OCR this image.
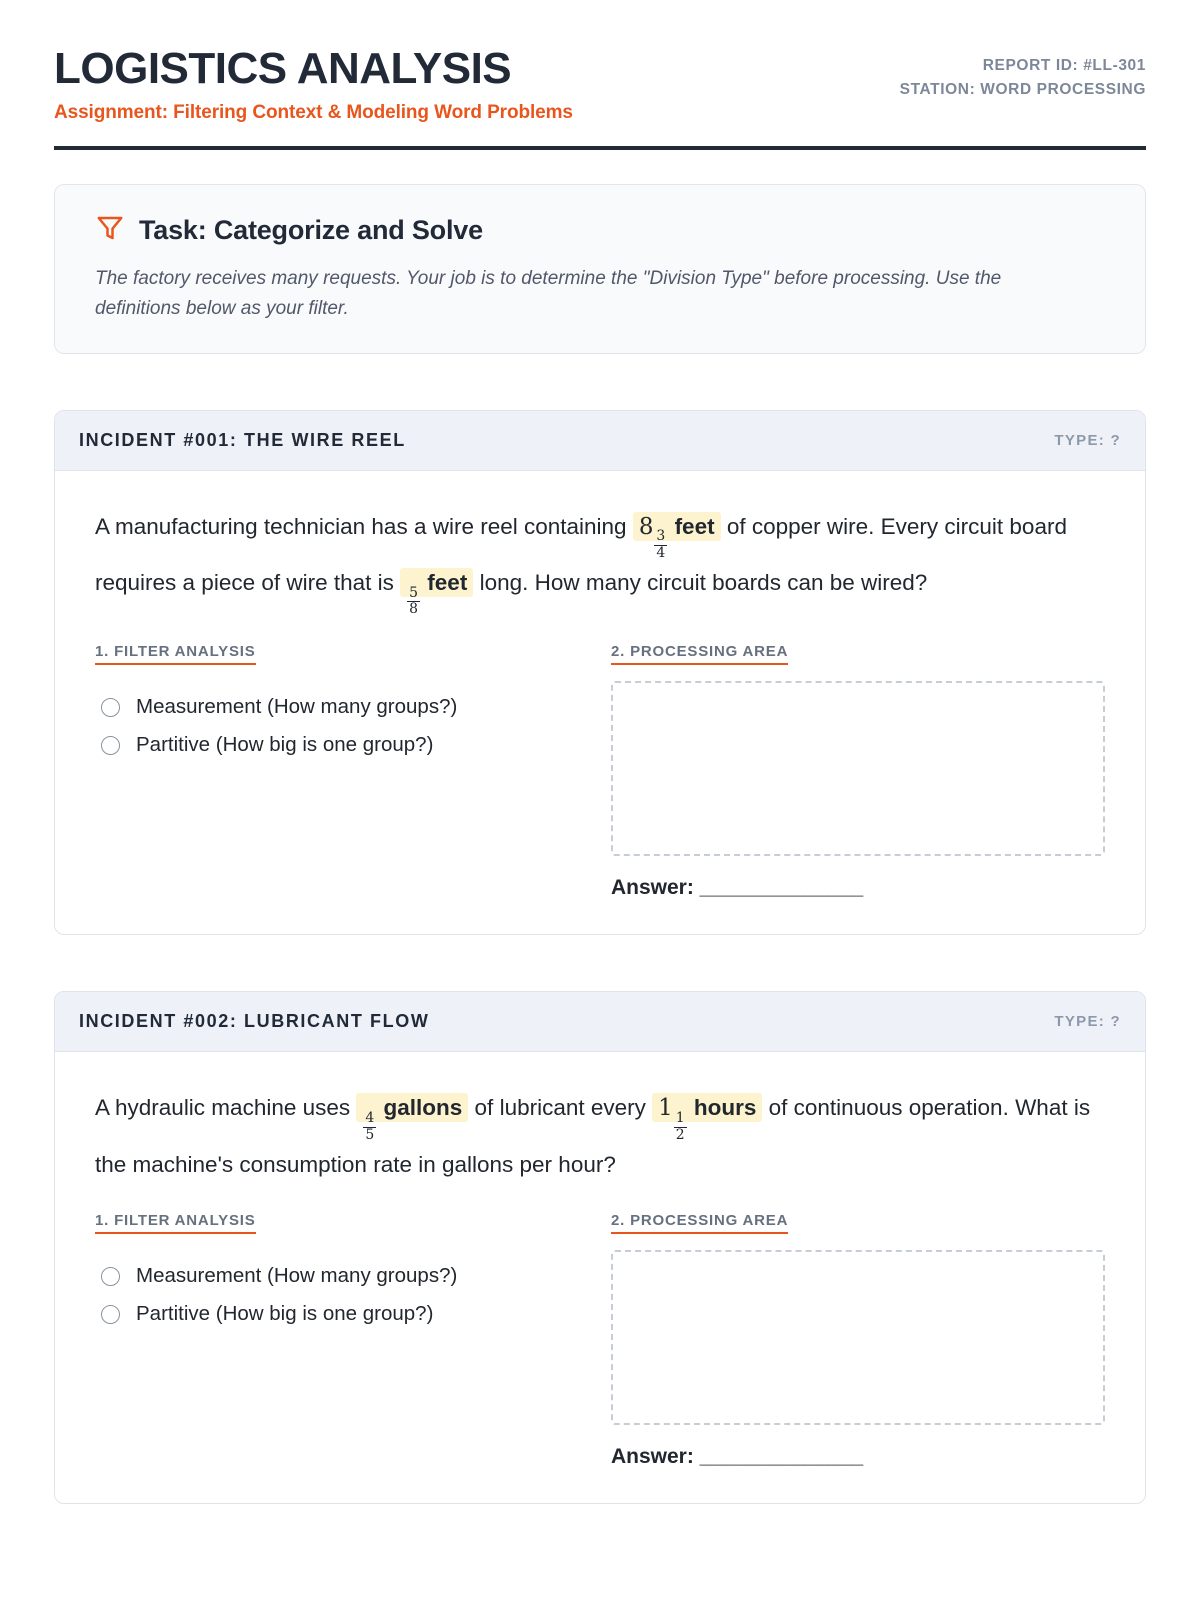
LOGISTICS ANALYSIS

Assignment: Filtering Context & Modeling Word Problems

REPORT ID: #LL-301
STATION: WORD PROCESSING
Task: Categorize and Solve
The factory receives many requests. Your job is to determine the "Division Type" before processing. Use the definitions below as your filter.
INCIDENT #001: THE WIRE REEL	TYPE: ?
A manufacturing technician has a wire reel containing 8
$\frac{3}{4}$
feet of copper wire. Every circuit board requires a piece of wire that is
$\frac{5}{8}$
feet long. How many circuit boards can be wired?
1. FILTER ANALYSIS
Measurement (How many groups?)
Partitive (How big is one group?)
2. PROCESSING AREA
Answer: ______________
INCIDENT #002: LUBRICANT FLOW	TYPE: ?
A hydraulic machine uses
$\frac{4}{5}$
gallons of lubricant every 1
$\frac{1}{2}$
hours of continuous operation. What is the machine's consumption rate in gallons per hour?
1. FILTER ANALYSIS
Measurement (How many groups?)
Partitive (How big is one group?)
2. PROCESSING AREA
Answer: ______________
